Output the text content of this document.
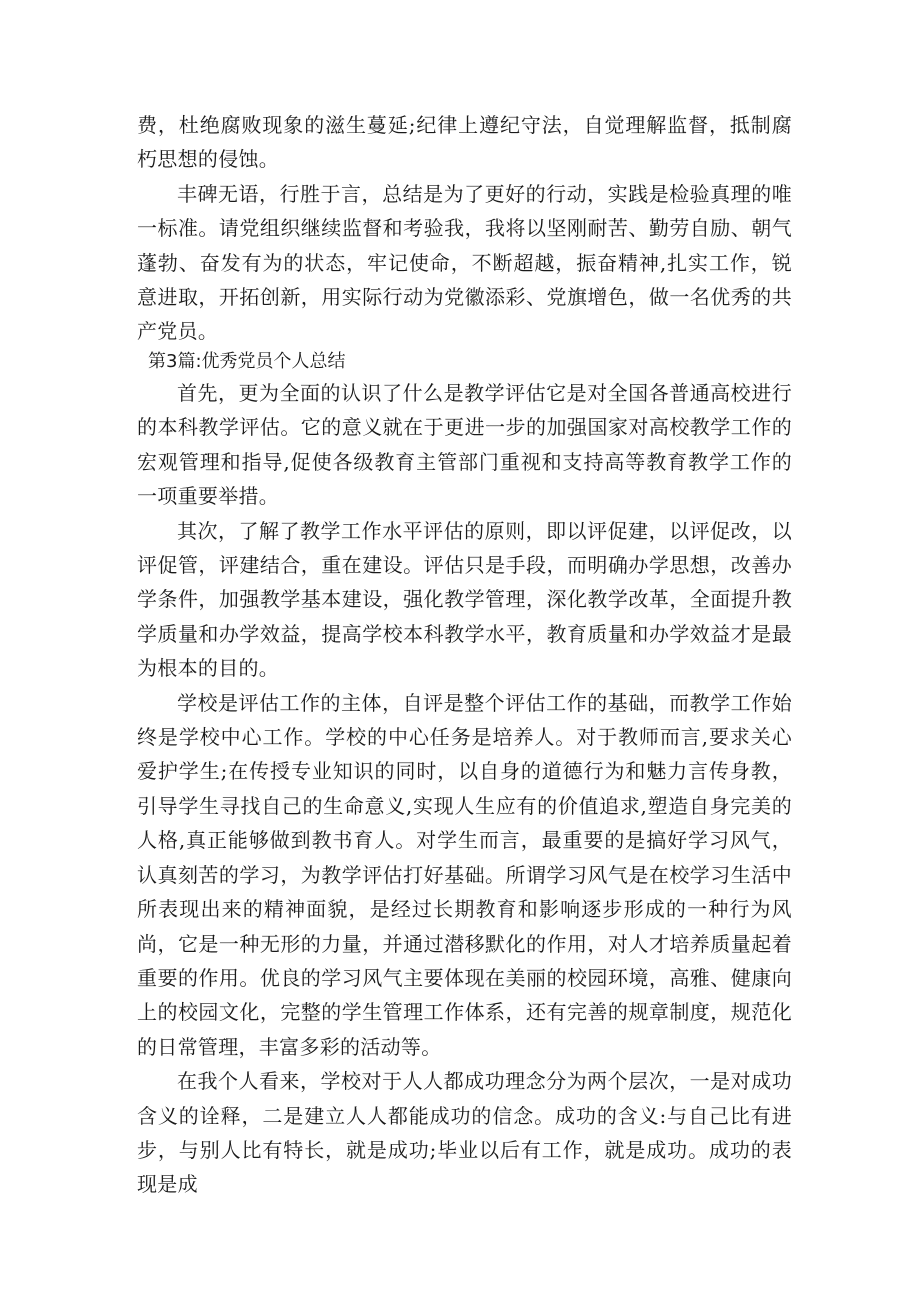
费，杜绝腐败现象的滋生蔓延;纪律上遵纪守法，自觉理解监督，抵制腐朽思想的侵蚀。

丰碑无语，行胜于言，总结是为了更好的行动，实践是检验真理的唯一标准。请党组织继续监督和考验我，我将以坚刚耐苦、勤劳自励、朝气蓬勃、奋发有为的状态，牢记使命，不断超越，振奋精神,扎实工作，锐意进取，开拓创新，用实际行动为党徽添彩、党旗增色，做一名优秀的共产党员。

第3篇:优秀党员个人总结

首先，更为全面的认识了什么是教学评估它是对全国各普通高校进行的本科教学评估。它的意义就在于更进一步的加强国家对高校教学工作的宏观管理和指导,促使各级教育主管部门重视和支持高等教育教学工作的一项重要举措。

其次，了解了教学工作水平评估的原则，即以评促建，以评促改，以评促管，评建结合，重在建设。评估只是手段，而明确办学思想，改善办学条件，加强教学基本建设，强化教学管理，深化教学改革，全面提升教学质量和办学效益，提高学校本科教学水平，教育质量和办学效益才是最为根本的目的。

学校是评估工作的主体，自评是整个评估工作的基础，而教学工作始终是学校中心工作。学校的中心任务是培养人。对于教师而言,要求关心爱护学生;在传授专业知识的同时，以自身的道德行为和魅力言传身教，引导学生寻找自己的生命意义,实现人生应有的价值追求,塑造自身完美的人格,真正能够做到教书育人。对学生而言，最重要的是搞好学习风气，认真刻苦的学习，为教学评估打好基础。所谓学习风气是在校学习生活中所表现出来的精神面貌，是经过长期教育和影响逐步形成的一种行为风尚，它是一种无形的力量，并通过潜移默化的作用，对人才培养质量起着重要的作用。优良的学习风气主要体现在美丽的校园环境，高雅、健康向上的校园文化，完整的学生管理工作体系，还有完善的规章制度，规范化的日常管理，丰富多彩的活动等。

在我个人看来，学校对于人人都成功理念分为两个层次，一是对成功含义的诠释，二是建立人人都能成功的信念。成功的含义:与自己比有进步，与别人比有特长，就是成功;毕业以后有工作，就是成功。成功的表现是成
